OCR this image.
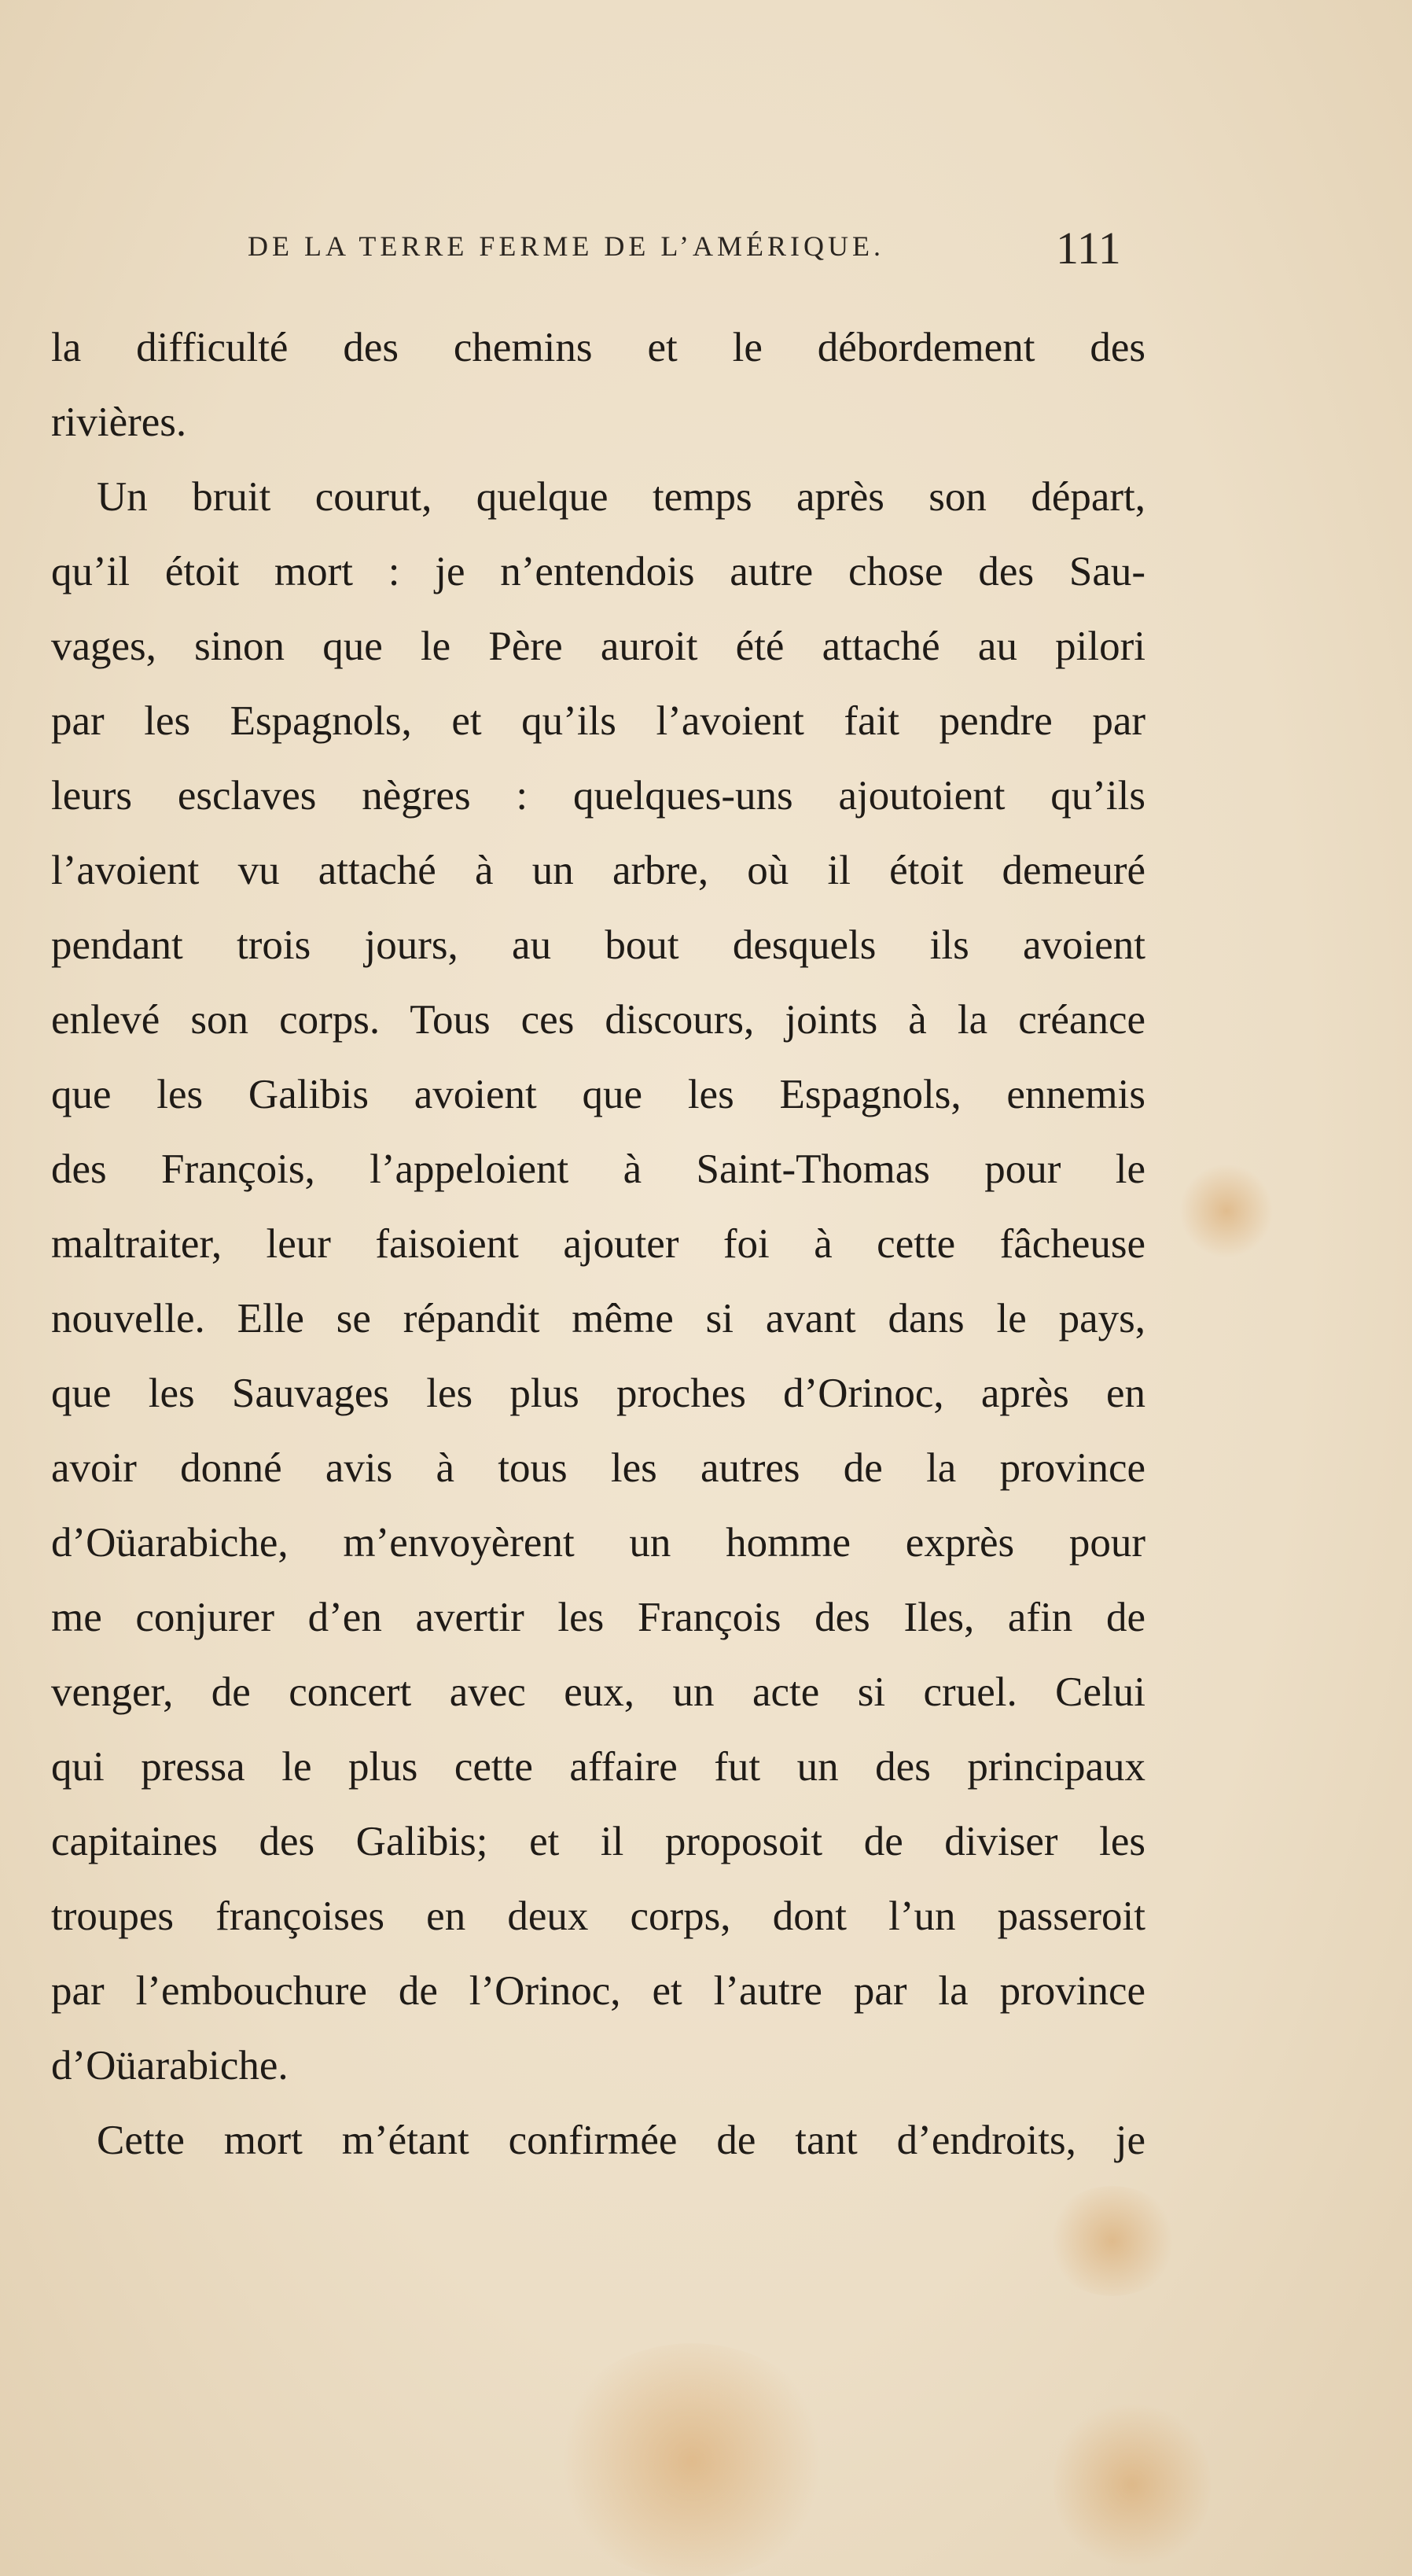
DE LA TERRE FERME DE L’AMÉRIQUE.	111
la difficulté des chemins et le débordement des
rivières.
Un bruit courut, quelque temps après son départ,
qu’il étoit mort : je n’entendois autre chose des Sau-
vages, sinon que le Père auroit été attaché au pilori
par les Espagnols, et qu’ils l’avoient fait pendre par
leurs esclaves nègres : quelques-uns ajoutoient qu’ils
l’avoient vu attaché à un arbre, où il étoit demeuré
pendant trois jours, au bout desquels ils avoient
enlevé son corps. Tous ces discours, joints à la créance
que les Galibis avoient que les Espagnols, ennemis
des François, l’appeloient à Saint-Thomas pour le
maltraiter, leur faisoient ajouter foi à cette fâcheuse
nouvelle. Elle se répandit même si avant dans le pays,
que les Sauvages les plus proches d’Orinoc, après en
avoir donné avis à tous les autres de la province
d’Oüarabiche, m’envoyèrent un homme exprès pour
me conjurer d’en avertir les François des Iles, afin de
venger, de concert avec eux, un acte si cruel. Celui
qui pressa le plus cette affaire fut un des principaux
capitaines des Galibis; et il proposoit de diviser les
troupes françoises en deux corps, dont l’un passeroit
par l’embouchure de l’Orinoc, et l’autre par la province
d’Oüarabiche.
Cette mort m’étant confirmée de tant d’endroits, je
